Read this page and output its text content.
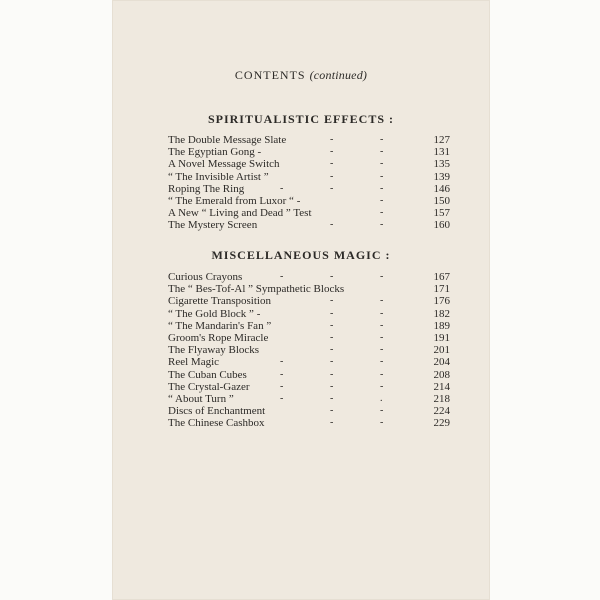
CONTENTS (continued)
SPIRITUALISTIC EFFECTS :
The Double Message Slate	-	-	127
The Egyptian Gong -	-	-	131
A Novel Message Switch	-	-	135
“ The Invisible Artist ”	-	-	139
Roping The Ring	-	-	-	146
“ The Emerald from Luxor “ -	-	150
A New “ Living and Dead ” Test	-	157
The Mystery Screen	-	-	160
MISCELLANEOUS MAGIC :
Curious Crayons	-	-	-	167
The “ Bes-Tof-Al ” Sympathetic Blocks	171
Cigarette Transposition	-	-	176
“ The Gold Block ” -	-	-	182
“ The Mandarin's Fan ”	-	-	189
Groom's Rope Miracle	-	-	191
The Flyaway Blocks	-	-	201
Reel Magic	-	-	-	204
The Cuban Cubes	-	-	-	208
The Crystal-Gazer	-	-	-	214
“ About Turn ”	-	-	.	218
Discs of Enchantment	-	-	224
The Chinese Cashbox	-	-	229
